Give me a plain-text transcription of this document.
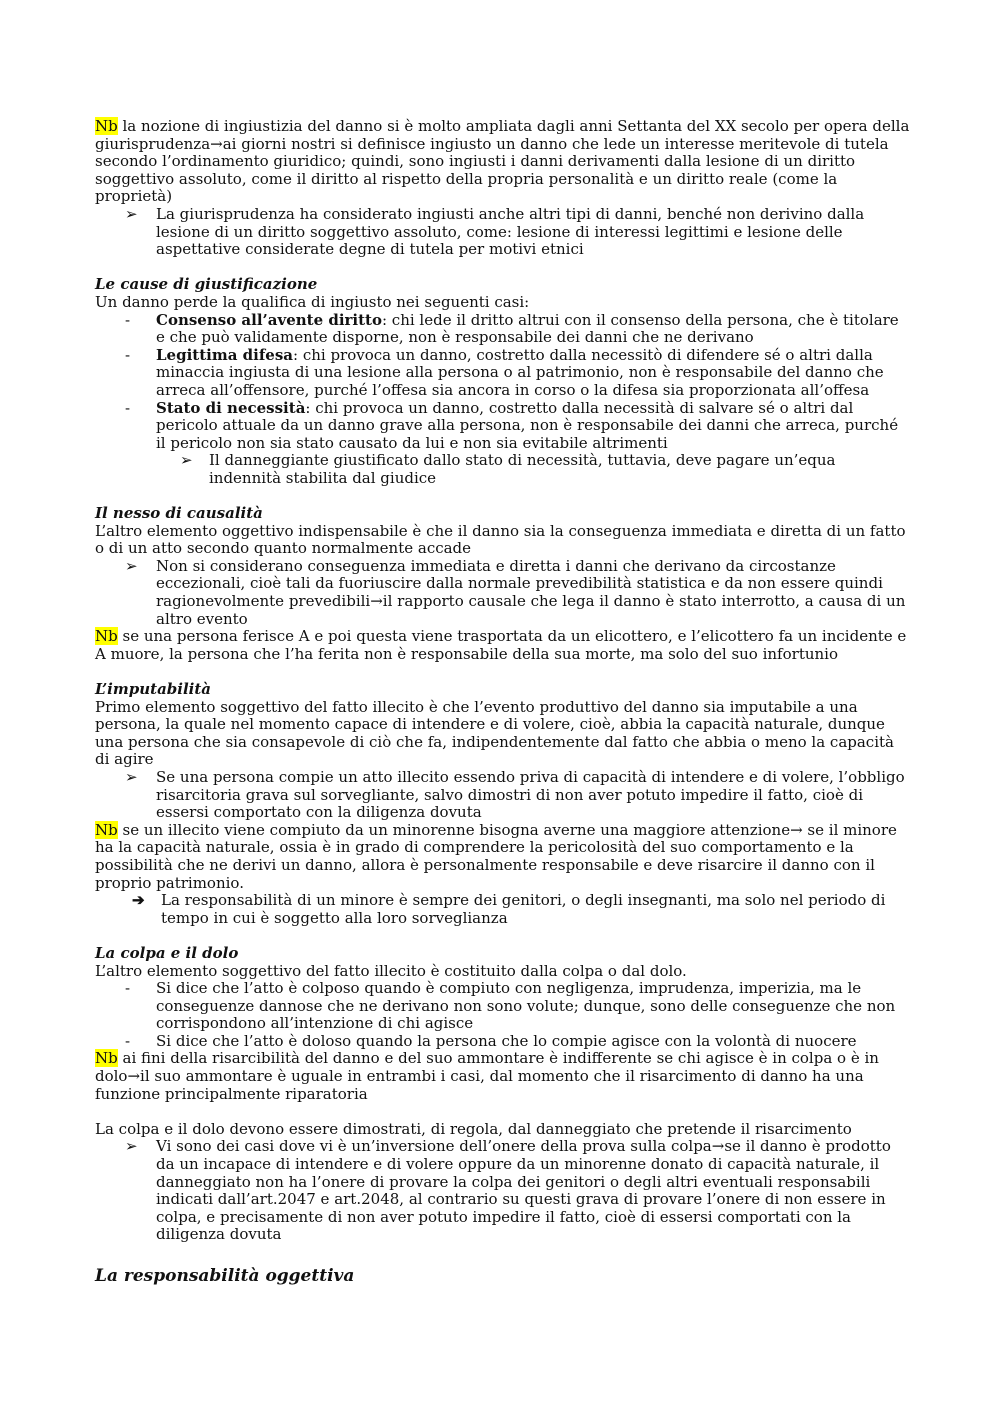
Nb la nozione di ingiustizia del danno si è molto ampliata dagli anni Settanta del XX secolo per opera della giurisprudenza→ai giorni nostri si definisce ingiusto un danno che lede un interesse meritevole di tutela secondo l’ordinamento giuridico; quindi, sono ingiusti i danni derivamenti dalla lesione di un diritto soggettivo assoluto, come il diritto al rispetto della propria personalità e un diritto reale (come la proprietà)

➢ La giurisprudenza ha considerato ingiusti anche altri tipi di danni, benché non derivino dalla lesione di un diritto soggettivo assoluto, come: lesione di interessi legittimi e lesione delle aspettative considerate degne di tutela per motivi etnici

Le cause di giustificazione

Un danno perde la qualifica di ingiusto nei seguenti casi:

- Consenso all’avente diritto: chi lede il dritto altrui con il consenso della persona, che è titolare e che può validamente disporne, non è responsabile dei danni che ne derivano

- Legittima difesa: chi provoca un danno, costretto dalla necessitò di difendere sé o altri dalla minaccia ingiusta di una lesione alla persona o al patrimonio, non è responsabile del danno che arreca all’offensore, purché l’offesa sia ancora in corso o la difesa sia proporzionata all’offesa

- Stato di necessità: chi provoca un danno, costretto dalla necessità di salvare sé o altri dal pericolo attuale da un danno grave alla persona, non è responsabile dei danni che arreca, purché il pericolo non sia stato causato da lui e non sia evitabile altrimenti

➢ Il danneggiante giustificato dallo stato di necessità, tuttavia, deve pagare un’equa indennità stabilita dal giudice

Il nesso di causalità

L’altro elemento oggettivo indispensabile è che il danno sia la conseguenza immediata e diretta di un fatto o di un atto secondo quanto normalmente accade

➢ Non si considerano conseguenza immediata e diretta i danni che derivano da circostanze eccezionali, cioè tali da fuoriuscire dalla normale prevedibilità statistica e da non essere quindi ragionevolmente prevedibili→il rapporto causale che lega il danno è stato interrotto, a causa di un altro evento

Nb se una persona ferisce A e poi questa viene trasportata da un elicottero, e l’elicottero fa un incidente e A muore, la persona che l’ha ferita non è responsabile della sua morte, ma solo del suo infortunio

L’imputabilità

Primo elemento soggettivo del fatto illecito è che l’evento produttivo del danno sia imputabile a una persona, la quale nel momento capace di intendere e di volere, cioè, abbia la capacità naturale, dunque una persona che sia consapevole di ciò che fa, indipendentemente dal fatto che abbia o meno la capacità di agire

➢ Se una persona compie un atto illecito essendo priva di capacità di intendere e di volere, l’obbligo risarcitoria grava sul sorvegliante, salvo dimostri di non aver potuto impedire il fatto, cioè di essersi comportato con la diligenza dovuta

Nb se un illecito viene compiuto da un minorenne bisogna averne una maggiore attenzione→ se il minore ha la capacità naturale, ossia è in grado di comprendere la pericolosità del suo comportamento e la possibilità che ne derivi un danno, allora è personalmente responsabile e deve risarcire il danno con il proprio patrimonio.

➔ La responsabilità di un minore è sempre dei genitori, o degli insegnanti, ma solo nel periodo di tempo in cui è soggetto alla loro sorveglianza

La colpa e il dolo

L’altro elemento soggettivo del fatto illecito è costituito dalla colpa o dal dolo.

- Si dice che l’atto è colposo quando è compiuto con negligenza, imprudenza, imperizia, ma le conseguenze dannose che ne derivano non sono volute; dunque, sono delle conseguenze che non corrispondono all’intenzione di chi agisce

- Si dice che l’atto è doloso quando la persona che lo compie agisce con la volontà di nuocere

Nb ai fini della risarcibilità del danno e del suo ammontare è indifferente se chi agisce è in colpa o è in dolo→il suo ammontare è uguale in entrambi i casi, dal momento che il risarcimento di danno ha una funzione principalmente riparatoria

La colpa e il dolo devono essere dimostrati, di regola, dal danneggiato che pretende il risarcimento

➢ Vi sono dei casi dove vi è un’inversione dell’onere della prova sulla colpa→se il danno è prodotto da un incapace di intendere e di volere oppure da un minorenne donato di capacità naturale, il danneggiato non ha l’onere di provare la colpa dei genitori o degli altri eventuali responsabili indicati dall’art.2047 e art.2048, al contrario su questi grava di provare l’onere di non essere in colpa, e precisamente di non aver potuto impedire il fatto, cioè di essersi comportati con la diligenza dovuta

La responsabilità oggettiva
